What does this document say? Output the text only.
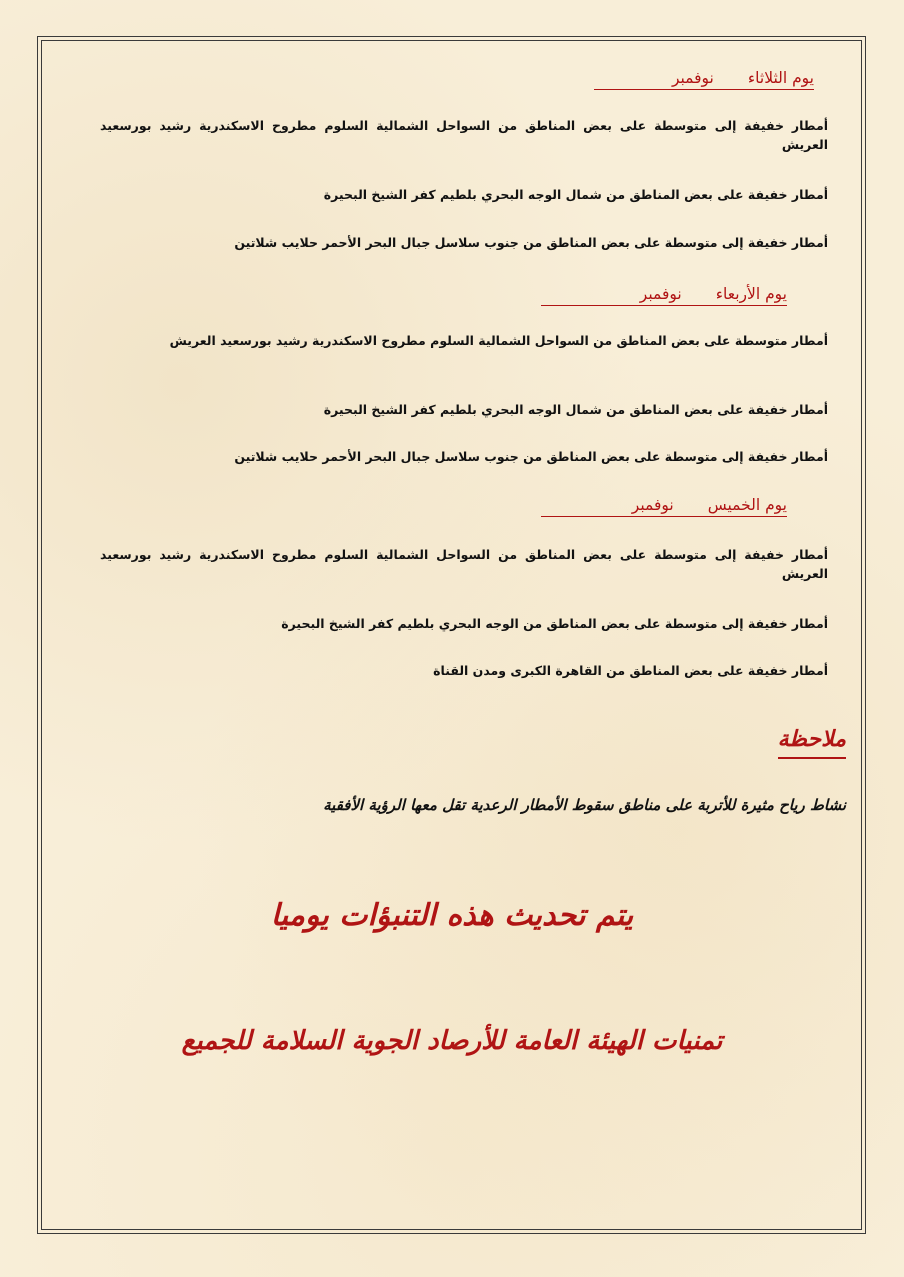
يوم الثلاثاءنوفمبر
أمطار خفيفة إلى متوسطة على بعض المناطق من السواحل الشمالية السلوم مطروح الاسكندرية رشيد بورسعيد العريش
أمطار خفيفة على بعض المناطق من شمال الوجه البحري بلطيم كفر الشيخ البحيرة
أمطار خفيفة إلى متوسطة على بعض المناطق من جنوب سلاسل جبال البحر الأحمر حلايب شلاتين
يوم الأربعاءنوفمبر
أمطار متوسطة على بعض المناطق من السواحل الشمالية السلوم مطروح الاسكندرية رشيد بورسعيد العريش
أمطار خفيفة على بعض المناطق من شمال الوجه البحري بلطيم كفر الشيخ البحيرة
أمطار خفيفة إلى متوسطة على بعض المناطق من جنوب سلاسل جبال البحر الأحمر حلايب شلاتين
يوم الخميسنوفمبر
أمطار خفيفة إلى متوسطة على بعض المناطق من السواحل الشمالية السلوم مطروح الاسكندرية رشيد بورسعيد العريش
أمطار خفيفة إلى متوسطة على بعض المناطق من الوجه البحري بلطيم كفر الشيخ البحيرة
أمطار خفيفة على بعض المناطق من القاهرة الكبرى ومدن القناة
ملاحظة
نشاط رياح مثيرة للأتربة على مناطق سقوط الأمطار الرعدية تقل معها الرؤية الأفقية
يتم تحديث هذه التنبؤات يوميا
تمنيات الهيئة العامة للأرصاد الجوية السلامة للجميع
